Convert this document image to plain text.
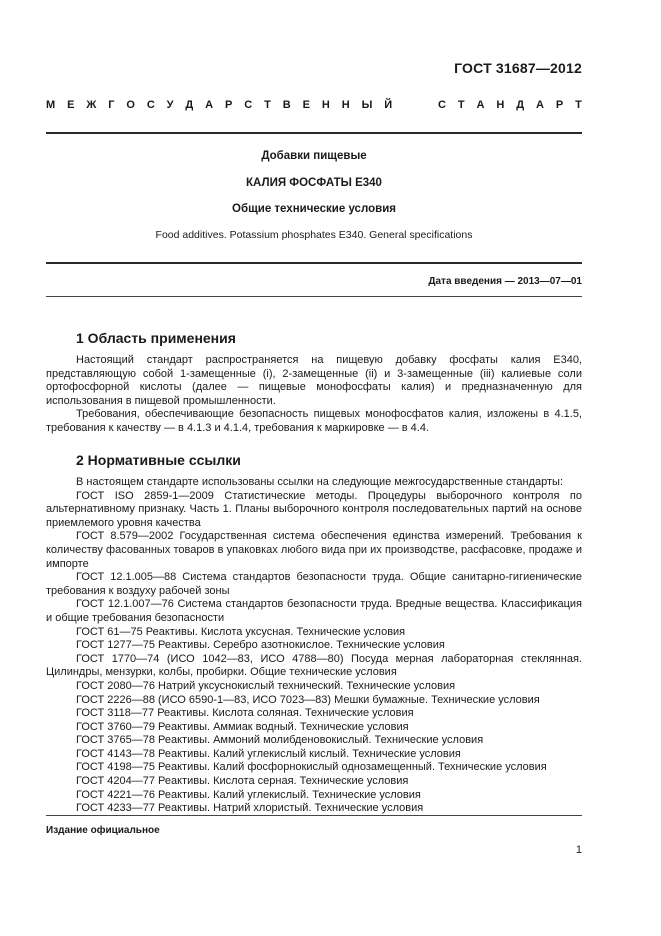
ГОСТ 31687—2012
М Е Ж Г О С У Д А Р С Т В Е Н Н Ы Й	С Т А Н Д А Р Т
Добавки пищевые
КАЛИЯ ФОСФАТЫ Е340
Общие технические условия
Food additives. Potassium phosphates E340. General specifications
Дата введения — 2013—07—01
1 Область применения

Настоящий стандарт распространяется на пищевую добавку фосфаты калия Е340, представляющую собой 1-замещенные (i), 2-замещенные (ii) и 3-замещенные (iii) калиевые соли ортофосфорной кислоты (далее — пищевые монофосфаты калия) и предназначенную для использования в пищевой промышленности.

Требования, обеспечивающие безопасность пищевых монофосфатов калия, изложены в 4.1.5, требования к качеству — в 4.1.3 и 4.1.4, требования к маркировке — в 4.4.

2 Нормативные ссылки

В настоящем стандарте использованы ссылки на следующие межгосударственные стандарты:

ГОСТ ISO 2859-1—2009 Статистические методы. Процедуры выборочного контроля по альтернативному признаку. Часть 1. Планы выборочного контроля последовательных партий на основе приемлемого уровня качества

ГОСТ 8.579—2002 Государственная система обеспечения единства измерений. Требования к количеству фасованных товаров в упаковках любого вида при их производстве, расфасовке, продаже и импорте

ГОСТ 12.1.005—88 Система стандартов безопасности труда. Общие санитарно-гигиенические требования к воздуху рабочей зоны

ГОСТ 12.1.007—76 Система стандартов безопасности труда. Вредные вещества. Классификация и общие требования безопасности

ГОСТ 61—75 Реактивы. Кислота уксусная. Технические условия

ГОСТ 1277—75 Реактивы. Серебро азотнокислое. Технические условия

ГОСТ 1770—74 (ИСО 1042—83, ИСО 4788—80) Посуда мерная лабораторная стеклянная. Цилиндры, мензурки, колбы, пробирки. Общие технические условия

ГОСТ 2080—76 Натрий уксуснокислый технический. Технические условия

ГОСТ 2226—88 (ИСО 6590-1—83, ИСО 7023—83) Мешки бумажные. Технические условия

ГОСТ 3118—77 Реактивы. Кислота соляная. Технические условия

ГОСТ 3760—79 Реактивы. Аммиак водный. Технические условия

ГОСТ 3765—78 Реактивы. Аммоний молибденовокислый. Технические условия

ГОСТ 4143—78 Реактивы. Калий углекислый кислый. Технические условия

ГОСТ 4198—75 Реактивы. Калий фосфорнокислый однозамещенный. Технические условия

ГОСТ 4204—77 Реактивы. Кислота серная. Технические условия

ГОСТ 4221—76 Реактивы. Калий углекислый. Технические условия

ГОСТ 4233—77 Реактивы. Натрий хлористый. Технические условия

Издание официальное
1
